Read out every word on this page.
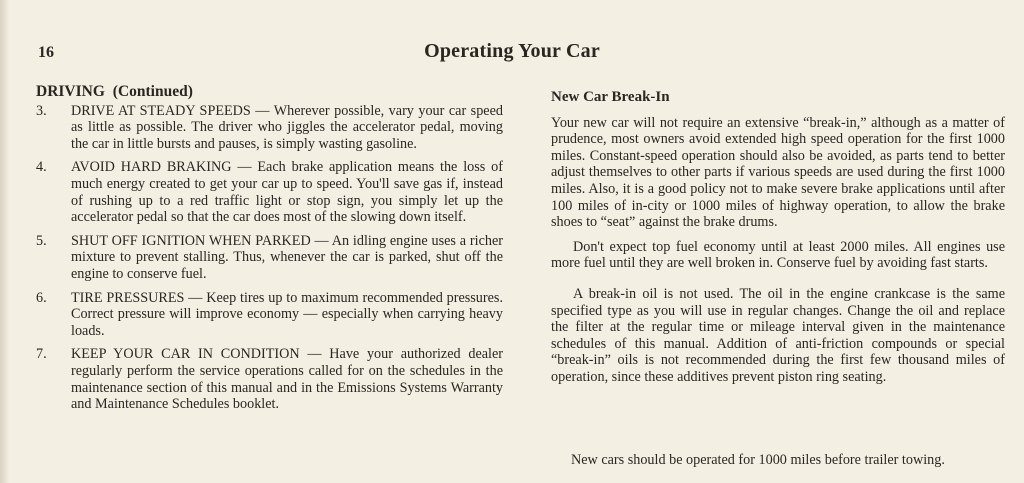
16	Operating Your Car
DRIVING (Continued)
3.	DRIVE AT STEADY SPEEDS — Wherever possible, vary your car speed as little as possible. The driver who jiggles the accelerator pedal, moving the car in little bursts and pauses, is simply wasting gasoline.
4.	AVOID HARD BRAKING — Each brake application means the loss of much energy created to get your car up to speed. You'll save gas if, instead of rushing up to a red traffic light or stop sign, you simply let up the accelerator pedal so that the car does most of the slowing down itself.
5.	SHUT OFF IGNITION WHEN PARKED — An idling engine uses a richer mixture to prevent stalling. Thus, whenever the car is parked, shut off the engine to conserve fuel.
6.	TIRE PRESSURES — Keep tires up to maximum recommended pressures. Correct pressure will improve economy — especially when carrying heavy loads.
7.	KEEP YOUR CAR IN CONDITION — Have your authorized dealer regularly perform the service operations called for on the schedules in the maintenance section of this manual and in the Emissions Systems Warranty and Maintenance Schedules booklet.
New Car Break-In

Your new car will not require an extensive “break-in,” although as a matter of prudence, most owners avoid extended high speed operation for the first 1000 miles. Constant-speed operation should also be avoided, as parts tend to better adjust themselves to other parts if various speeds are used during the first 1000 miles. Also, it is a good policy not to make severe brake applications until after 100 miles of in-city or 1000 miles of highway operation, to allow the brake shoes to “seat” against the brake drums.

Don't expect top fuel economy until at least 2000 miles. All engines use more fuel until they are well broken in. Conserve fuel by avoiding fast starts.

A break-in oil is not used. The oil in the engine crankcase is the same specified type as you will use in regular changes. Change the oil and replace the filter at the regular time or mileage interval given in the maintenance schedules of this manual. Addition of anti-friction compounds or special “break-in” oils is not recommended during the first few thousand miles of operation, since these additives prevent piston ring seating.

New cars should be operated for 1000 miles before trailer towing.
